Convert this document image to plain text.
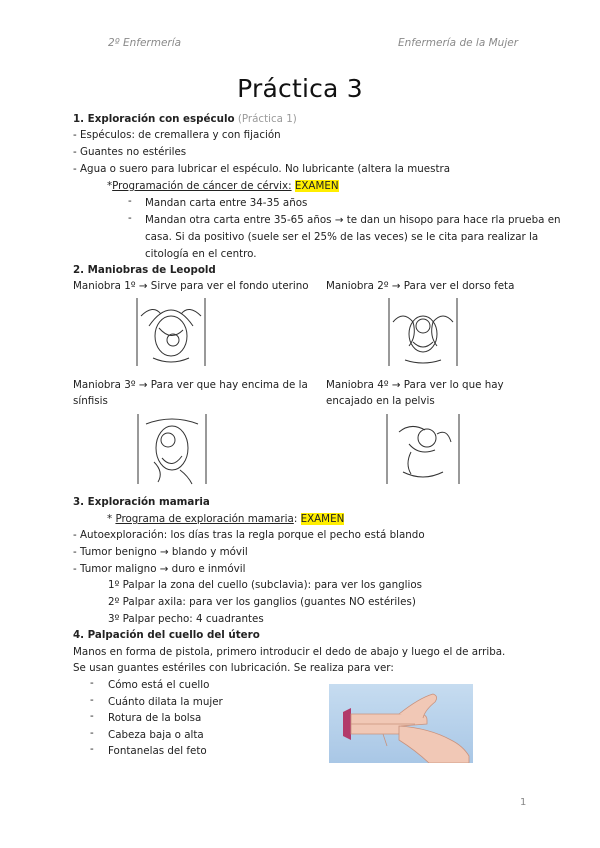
2º Enfermería	Enfermería de la Mujer
Práctica 3
1. Exploración con espéculo (Práctica 1)
- Espéculos: de cremallera y con fijación
- Guantes no estériles
- Agua o suero para lubricar el espéculo. No lubricante (altera la muestra
*Programación de cáncer de cérvix: EXAMEN
- Mandan carta entre 34-35 años
- Mandan otra carta entre 35-65 años → te dan un hisopo para hace rla prueba en
casa. Si da positivo (suele ser el 25% de las veces) se le cita para realizar la
citología en el centro.
2. Maniobras de Leopold
Maniobra 1º → Sirve para ver el fondo uterino Maniobra 2º → Para ver el dorso feta
Maniobra 3º → Para ver que hay encima de la
sínfisis
Maniobra 4º → Para ver lo que hay
encajado en la pelvis
3. Exploración mamaria
* Programa de exploración mamaria: EXAMEN
- Autoexploración: los días tras la regla porque el pecho está blando
- Tumor benigno → blando y móvil
- Tumor maligno → duro e inmóvil
1º Palpar la zona del cuello (subclavia): para ver los ganglios
2º Palpar axila: para ver los ganglios (guantes NO estériles)
3º Palpar pecho: 4 cuadrantes
4. Palpación del cuello del útero
Manos en forma de pistola, primero introducir el dedo de abajo y luego el de arriba.
Se usan guantes estériles con lubricación. Se realiza para ver:
- Cómo está el cuello
- Cuánto dilata la mujer
- Rotura de la bolsa
- Cabeza baja o alta
- Fontanelas del feto
1
